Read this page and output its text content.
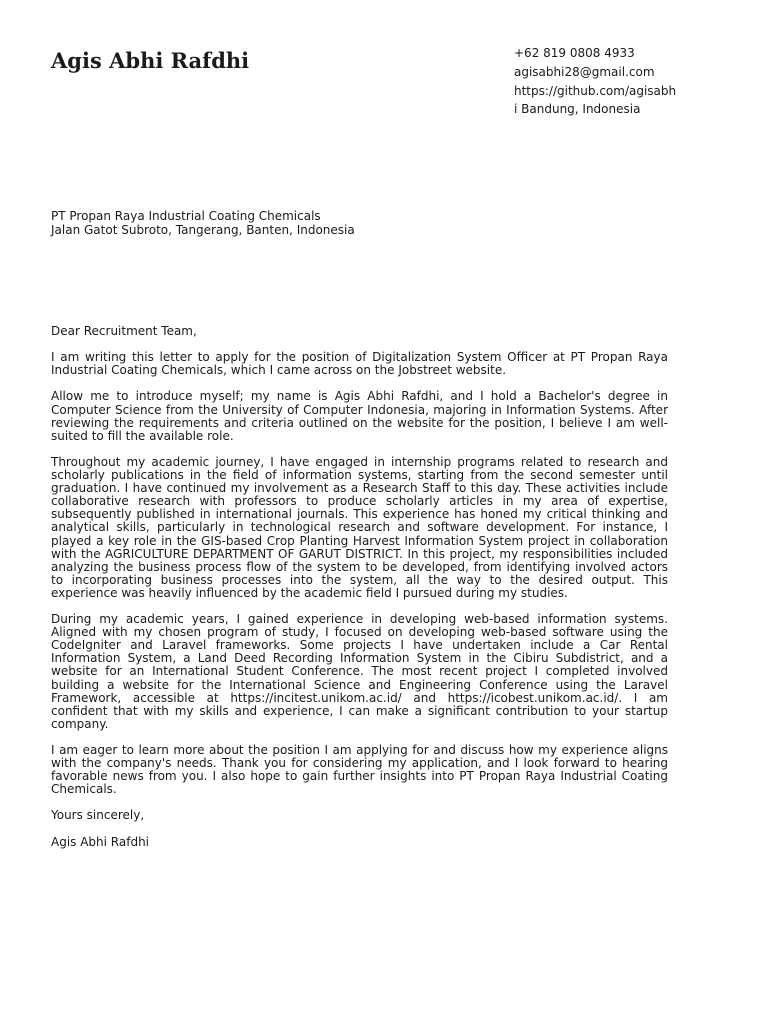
Agis Abhi Rafdhi	+62 819 0808 4933
agisabhi28@gmail.com
https://github.com/agisabh
i Bandung, Indonesia
PT Propan Raya Industrial Coating Chemicals
Jalan Gatot Subroto, Tangerang, Banten, Indonesia

Dear Recruitment Team,

I am writing this letter to apply for the position of Digitalization System Officer at PT Propan Raya Industrial Coating Chemicals, which I came across on the Jobstreet website.

Allow me to introduce myself; my name is Agis Abhi Rafdhi, and I hold a Bachelor's degree in Computer Science from the University of Computer Indonesia, majoring in Information Systems. After reviewing the requirements and criteria outlined on the website for the position, I believe I am well-suited to fill the available role.

Throughout my academic journey, I have engaged in internship programs related to research and scholarly publications in the field of information systems, starting from the second semester until graduation. I have continued my involvement as a Research Staff to this day. These activities include collaborative research with professors to produce scholarly articles in my area of expertise, subsequently published in international journals. This experience has honed my critical thinking and analytical skills, particularly in technological research and software development. For instance, I played a key role in the GIS-based Crop Planting Harvest Information System project in collaboration with the AGRICULTURE DEPARTMENT OF GARUT DISTRICT. In this project, my responsibilities included analyzing the business process flow of the system to be developed, from identifying involved actors to incorporating business processes into the system, all the way to the desired output. This experience was heavily influenced by the academic field I pursued during my studies.

During my academic years, I gained experience in developing web-based information systems. Aligned with my chosen program of study, I focused on developing web-based software using the CodeIgniter and Laravel frameworks. Some projects I have undertaken include a Car Rental Information System, a Land Deed Recording Information System in the Cibiru Subdistrict, and a website for an International Student Conference. The most recent project I completed involved building a website for the International Science and Engineering Conference using the Laravel Framework, accessible at https://incitest.unikom.ac.id/ and https://icobest.unikom.ac.id/. I am confident that with my skills and experience, I can make a significant contribution to your startup company.

I am eager to learn more about the position I am applying for and discuss how my experience aligns with the company's needs. Thank you for considering my application, and I look forward to hearing favorable news from you. I also hope to gain further insights into PT Propan Raya Industrial Coating Chemicals.

Yours sincerely,

Agis Abhi Rafdhi
